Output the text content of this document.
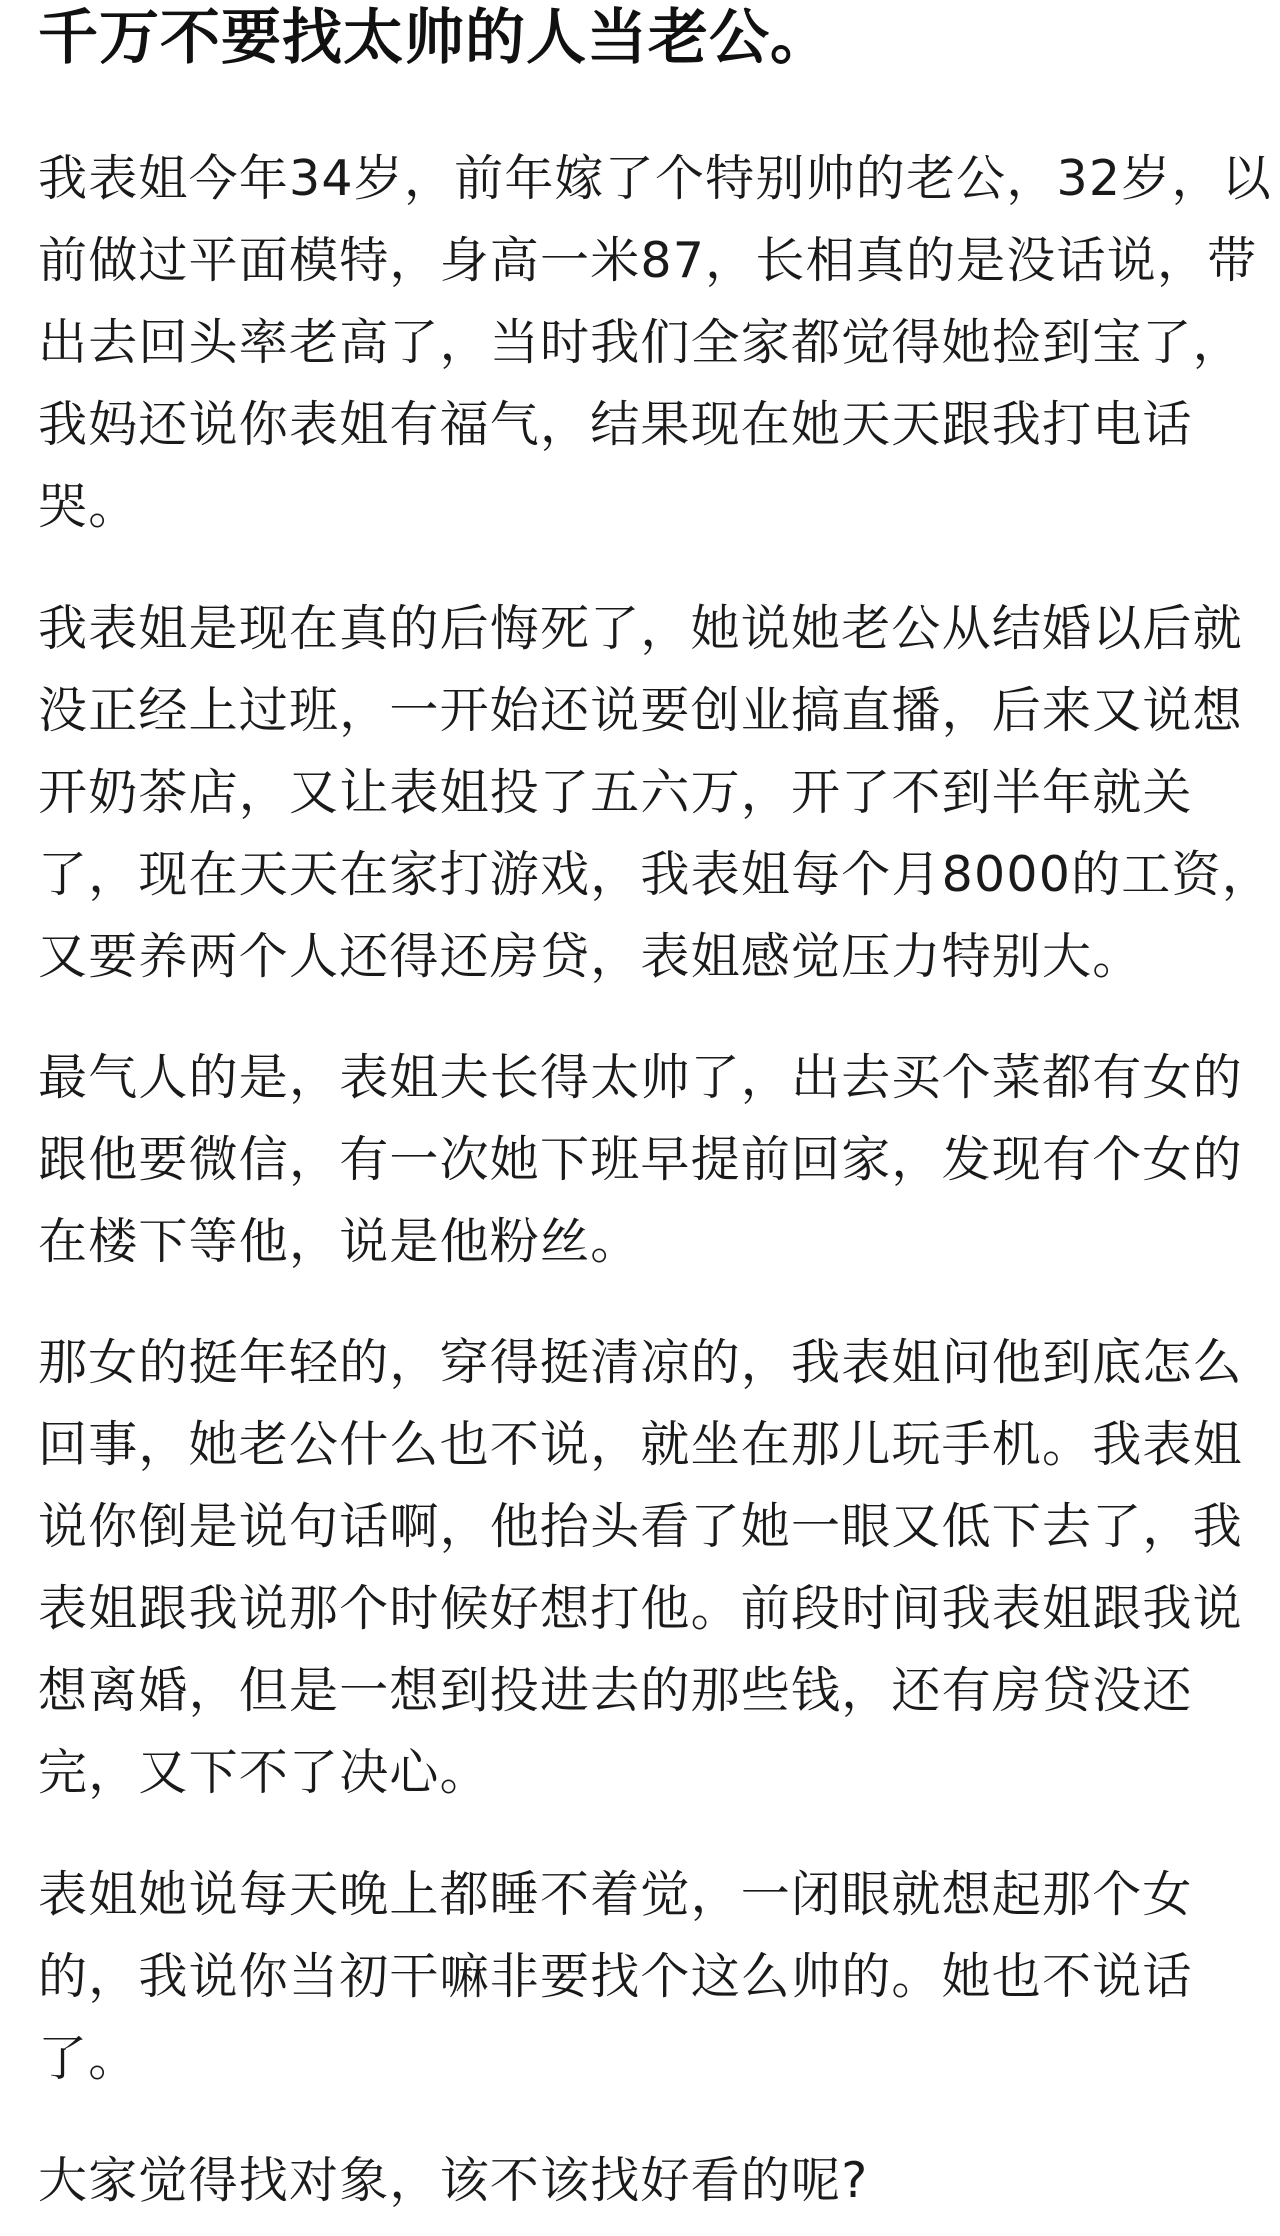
千万不要找太帅的人当老公。

我表姐今年34岁，前年嫁了个特别帅的老公，32岁，以
前做过平面模特，身高一米87，长相真的是没话说，带
出去回头率老高了，当时我们全家都觉得她捡到宝了，
我妈还说你表姐有福气，结果现在她天天跟我打电话
哭。

我表姐是现在真的后悔死了，她说她老公从结婚以后就
没正经上过班，一开始还说要创业搞直播，后来又说想
开奶茶店，又让表姐投了五六万，开了不到半年就关
了，现在天天在家打游戏，我表姐每个月8000的工资，
又要养两个人还得还房贷，表姐感觉压力特别大。

最气人的是，表姐夫长得太帅了，出去买个菜都有女的
跟他要微信，有一次她下班早提前回家，发现有个女的
在楼下等他，说是他粉丝。

那女的挺年轻的，穿得挺清凉的，我表姐问他到底怎么
回事，她老公什么也不说，就坐在那儿玩手机。我表姐
说你倒是说句话啊，他抬头看了她一眼又低下去了，我
表姐跟我说那个时候好想打他。前段时间我表姐跟我说
想离婚，但是一想到投进去的那些钱，还有房贷没还
完，又下不了决心。

表姐她说每天晚上都睡不着觉，一闭眼就想起那个女
的，我说你当初干嘛非要找个这么帅的。她也不说话
了。

大家觉得找对象，该不该找好看的呢?
